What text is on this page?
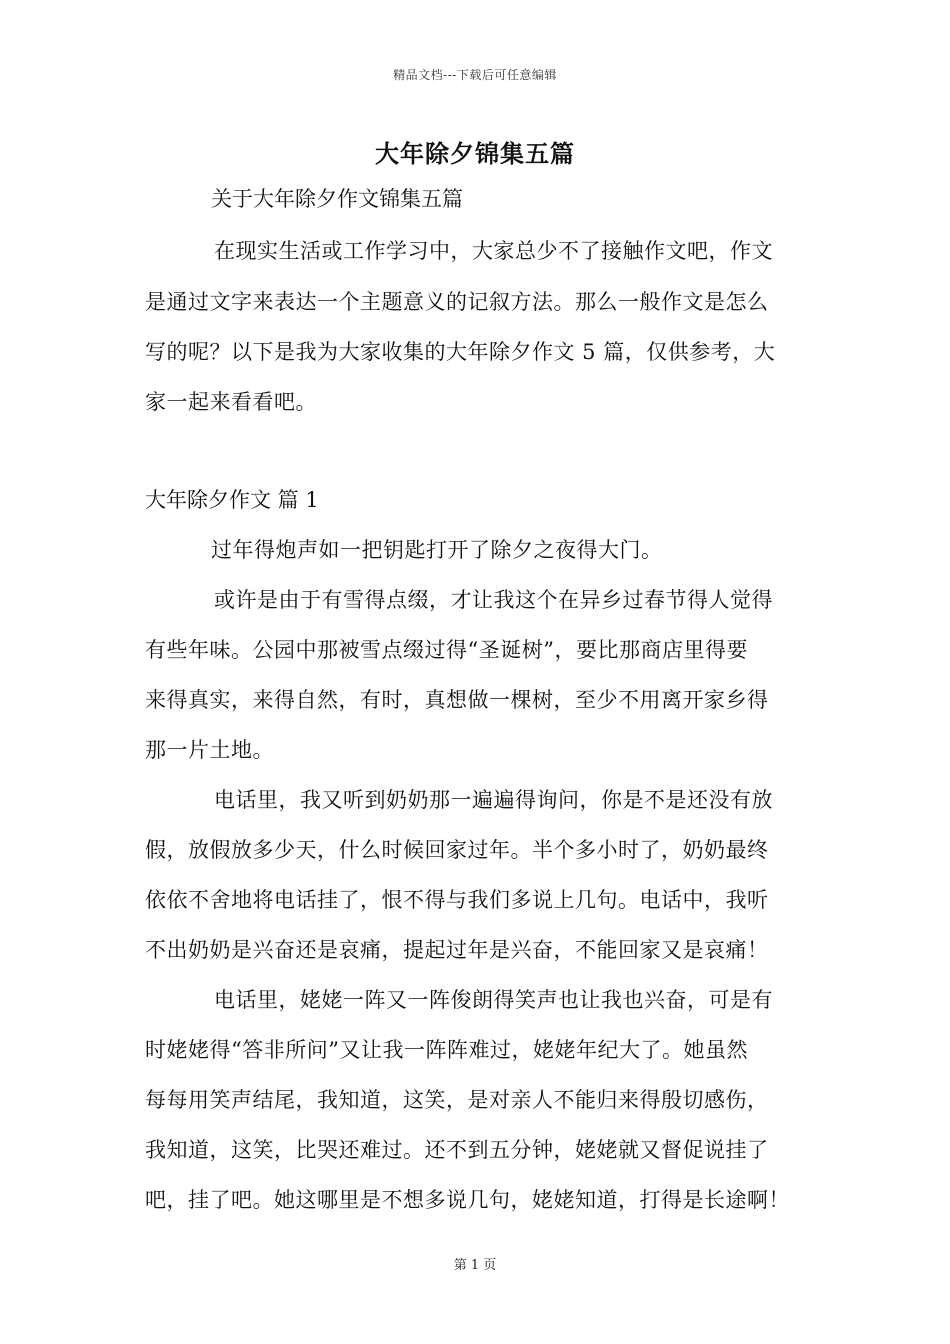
精品文档---下载后可任意编辑
大年除夕锦集五篇
关于大年除夕作文锦集五篇
在现实生活或工作学习中，大家总少不了接触作文吧，作文
是通过文字来表达一个主题意义的记叙方法。那么一般作文是怎么
写的呢？以下是我为大家收集的大年除夕作文 5 篇，仅供参考，大
家一起来看看吧。
大年除夕作文 篇 1
过年得炮声如一把钥匙打开了除夕之夜得大门。
或许是由于有雪得点缀，才让我这个在异乡过春节得人觉得
有些年味。公园中那被雪点缀过得“圣诞树”，要比那商店里得要
来得真实，来得自然，有时，真想做一棵树，至少不用离开家乡得
那一片土地。
电话里，我又听到奶奶那一遍遍得询问，你是不是还没有放
假，放假放多少天，什么时候回家过年。半个多小时了，奶奶最终
依依不舍地将电话挂了，恨不得与我们多说上几句。电话中，我听
不出奶奶是兴奋还是哀痛，提起过年是兴奋，不能回家又是哀痛！
电话里，姥姥一阵又一阵俊朗得笑声也让我也兴奋，可是有
时姥姥得“答非所问”又让我一阵阵难过，姥姥年纪大了。她虽然
每每用笑声结尾，我知道，这笑，是对亲人不能归来得殷切感伤，
我知道，这笑，比哭还难过。还不到五分钟，姥姥就又督促说挂了
吧，挂了吧。她这哪里是不想多说几句，姥姥知道，打得是长途啊！
第 1 页
